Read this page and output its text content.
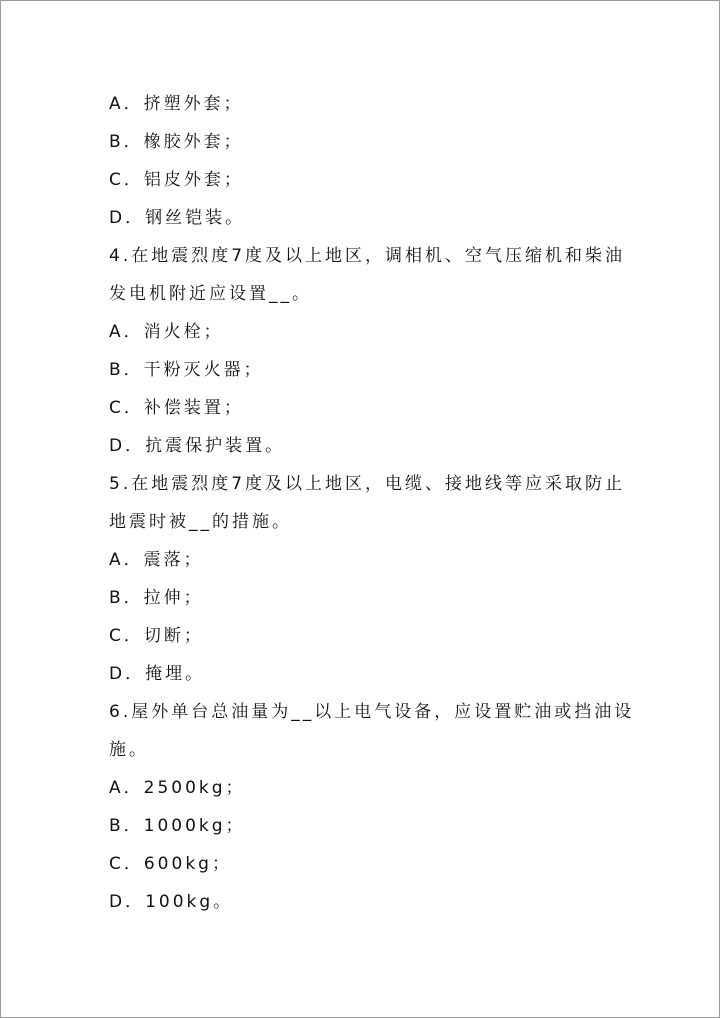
A．挤塑外套；
B．橡胶外套；
C．铝皮外套；
D．钢丝铠装。
4.在地震烈度7度及以上地区，调相机、空气压缩机和柴油
发电机附近应设置__。
A．消火栓；
B．干粉灭火器；
C．补偿装置；
D．抗震保护装置。
5.在地震烈度7度及以上地区，电缆、接地线等应采取防止
地震时被__的措施。
A．震落；
B．拉伸；
C．切断；
D．掩埋。
6.屋外单台总油量为__以上电气设备，应设置贮油或挡油设
施。
A．2500kg；
B．1000kg；
C．600kg；
D．100kg。
